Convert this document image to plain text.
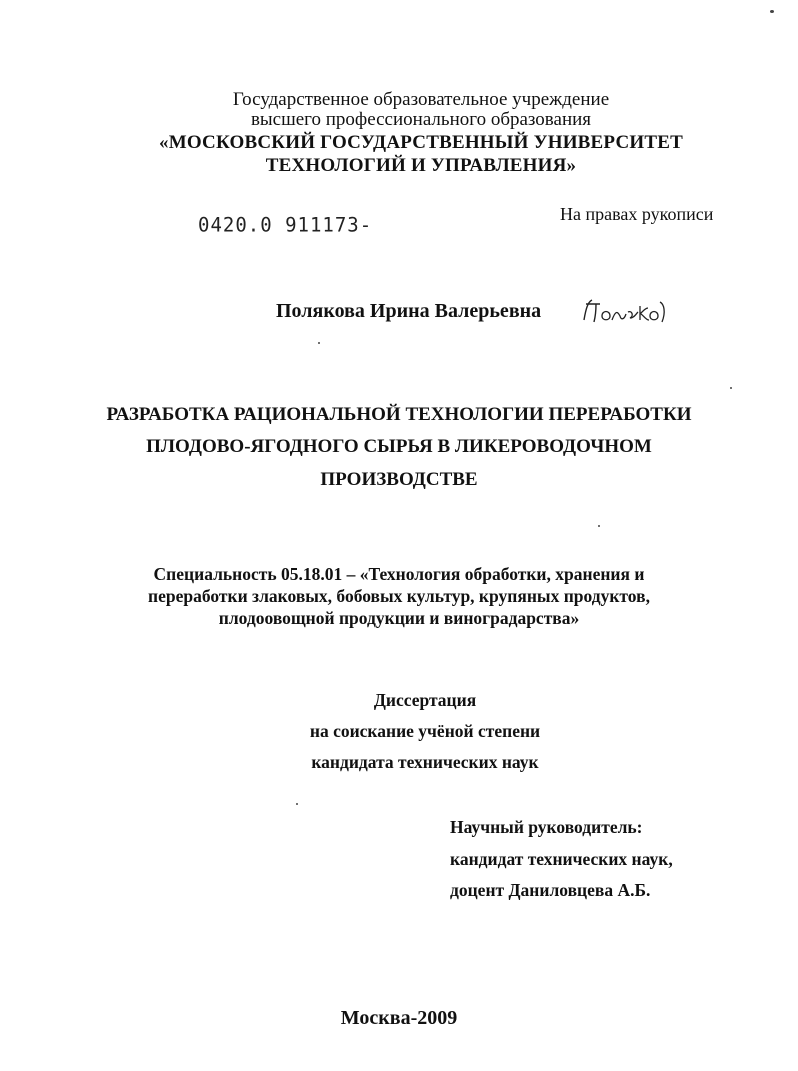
Государственное образовательное учреждение
высшего профессионального образования
«МОСКОВСКИЙ ГОСУДАРСТВЕННЫЙ УНИВЕРСИТЕТ
ТЕХНОЛОГИЙ И УПРАВЛЕНИЯ»
0420.0 911173-	На правах рукописи
Полякова Ирина Валерьевна
РАЗРАБОТКА РАЦИОНАЛЬНОЙ ТЕХНОЛОГИИ ПЕРЕРАБОТКИ
ПЛОДОВО-ЯГОДНОГО СЫРЬЯ В ЛИКЕРОВОДОЧНОМ
ПРОИЗВОДСТВЕ
Специальность 05.18.01 – «Технология обработки, хранения и
переработки злаковых, бобовых культур, крупяных продуктов,
плодоовощной продукции и виноградарства»
Диссертация
на соискание учёной степени
кандидата технических наук
Научный руководитель:
кандидат технических наук,
доцент Даниловцева А.Б.
Москва-2009
